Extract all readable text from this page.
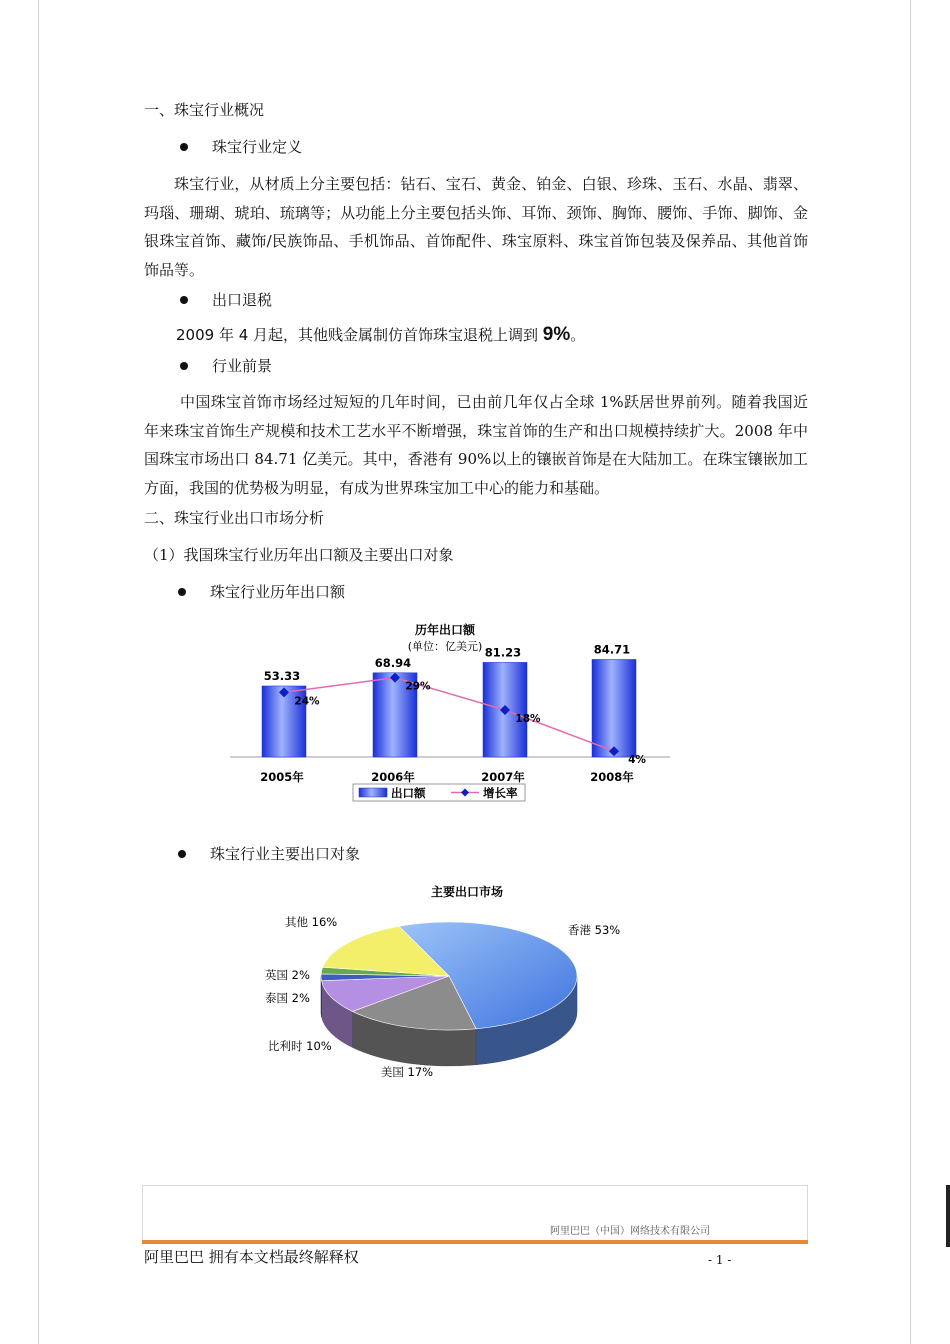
一、珠宝行业概况
珠宝行业定义
珠宝行业，从材质上分主要包括：钻石、宝石、黄金、铂金、白银、珍珠、玉石、水晶、翡翠、玛瑙、珊瑚、琥珀、琉璃等；从功能上分主要包括头饰、耳饰、颈饰、胸饰、腰饰、手饰、脚饰、金银珠宝首饰、藏饰/民族饰品、手机饰品、首饰配件、珠宝原料、珠宝首饰包装及保养品、其他首饰饰品等。
出口退税
2009 年 4 月起，其他贱金属制仿首饰珠宝退税上调到 9%。
行业前景
中国珠宝首饰市场经过短短的几年时间，已由前几年仅占全球 1%跃居世界前列。随着我国近年来珠宝首饰生产规模和技术工艺水平不断增强，珠宝首饰的生产和出口规模持续扩大。2008 年中国珠宝市场出口 84.71 亿美元。其中，香港有 90%以上的镶嵌首饰是在大陆加工。在珠宝镶嵌加工方面，我国的优势极为明显，有成为世界珠宝加工中心的能力和基础。
二、珠宝行业出口市场分析
（1）我国珠宝行业历年出口额及主要出口对象
珠宝行业历年出口额
历年出口额
(单位：亿美元)
53.33
2005年
68.94
2006年
81.23
2007年
84.71
2008年
24%
29%
18%
4%
出口额	增长率
珠宝行业主要出口对象
主要出口市场
香港 53%
美国 17%
比利时 10%
泰国 2%
英国 2%
其他 16%
阿里巴巴（中国）网络技术有限公司
阿里巴巴 拥有本文档最终解释权	- 1 -
